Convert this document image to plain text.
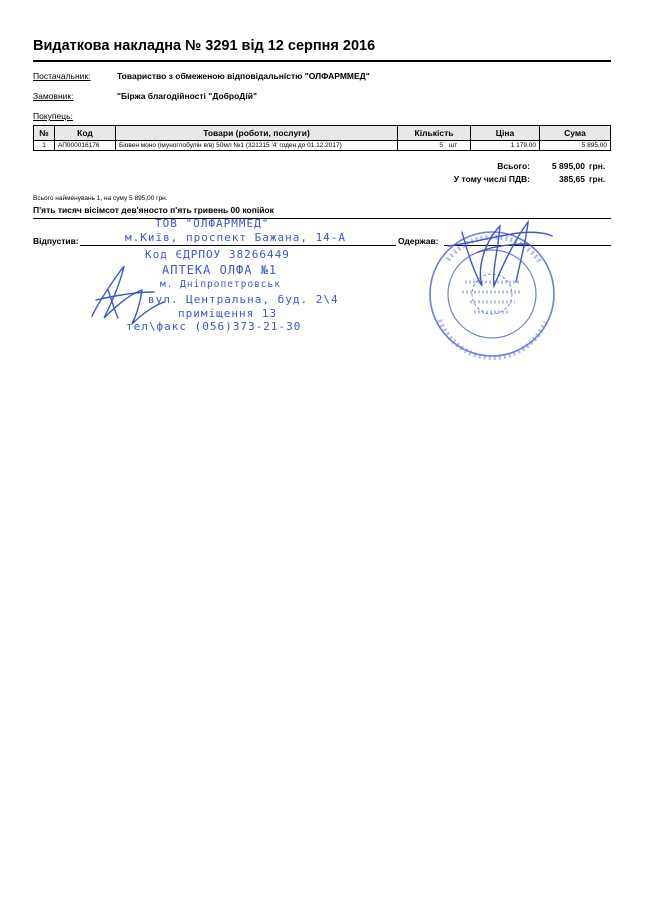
Видаткова накладна № 3291 від 12 серпня 2016
Постачальник:	Товариство з обмеженою відповідальністю "ОЛФАРММЕД"
Замовник:	"Біржа благодійності "ДоброДій"
Покупець:
№	Код	Товари (роботи, послуги)	Кількість		Ціна	Сума
1	АП000016176	Біовен моно (імуноглобулін в/в) 50мл №1 (321215 '4' годен до 01.12.2017)	5	шт	1 179,00	5 895,00
Всього:	5 895,00 грн.
У тому числі ПДВ:	385,65 грн.
Всього найменувань 1, на суму 5 895,00 грн.
П'ять тисяч вісімсот дев'яносто п'ять гривень 00 копійок
Відпустив:	Одержав:
ТОВ "ОЛФАРММЕД"
м.Київ, проспект Бажана, 14-А
Код ЄДРПОУ 38266449
АПТЕКА ОЛФА №1
м. Дніпропетровськ
вул. Центральна, буд. 2\4
приміщення 13
тел\факс (056)373-21-30
